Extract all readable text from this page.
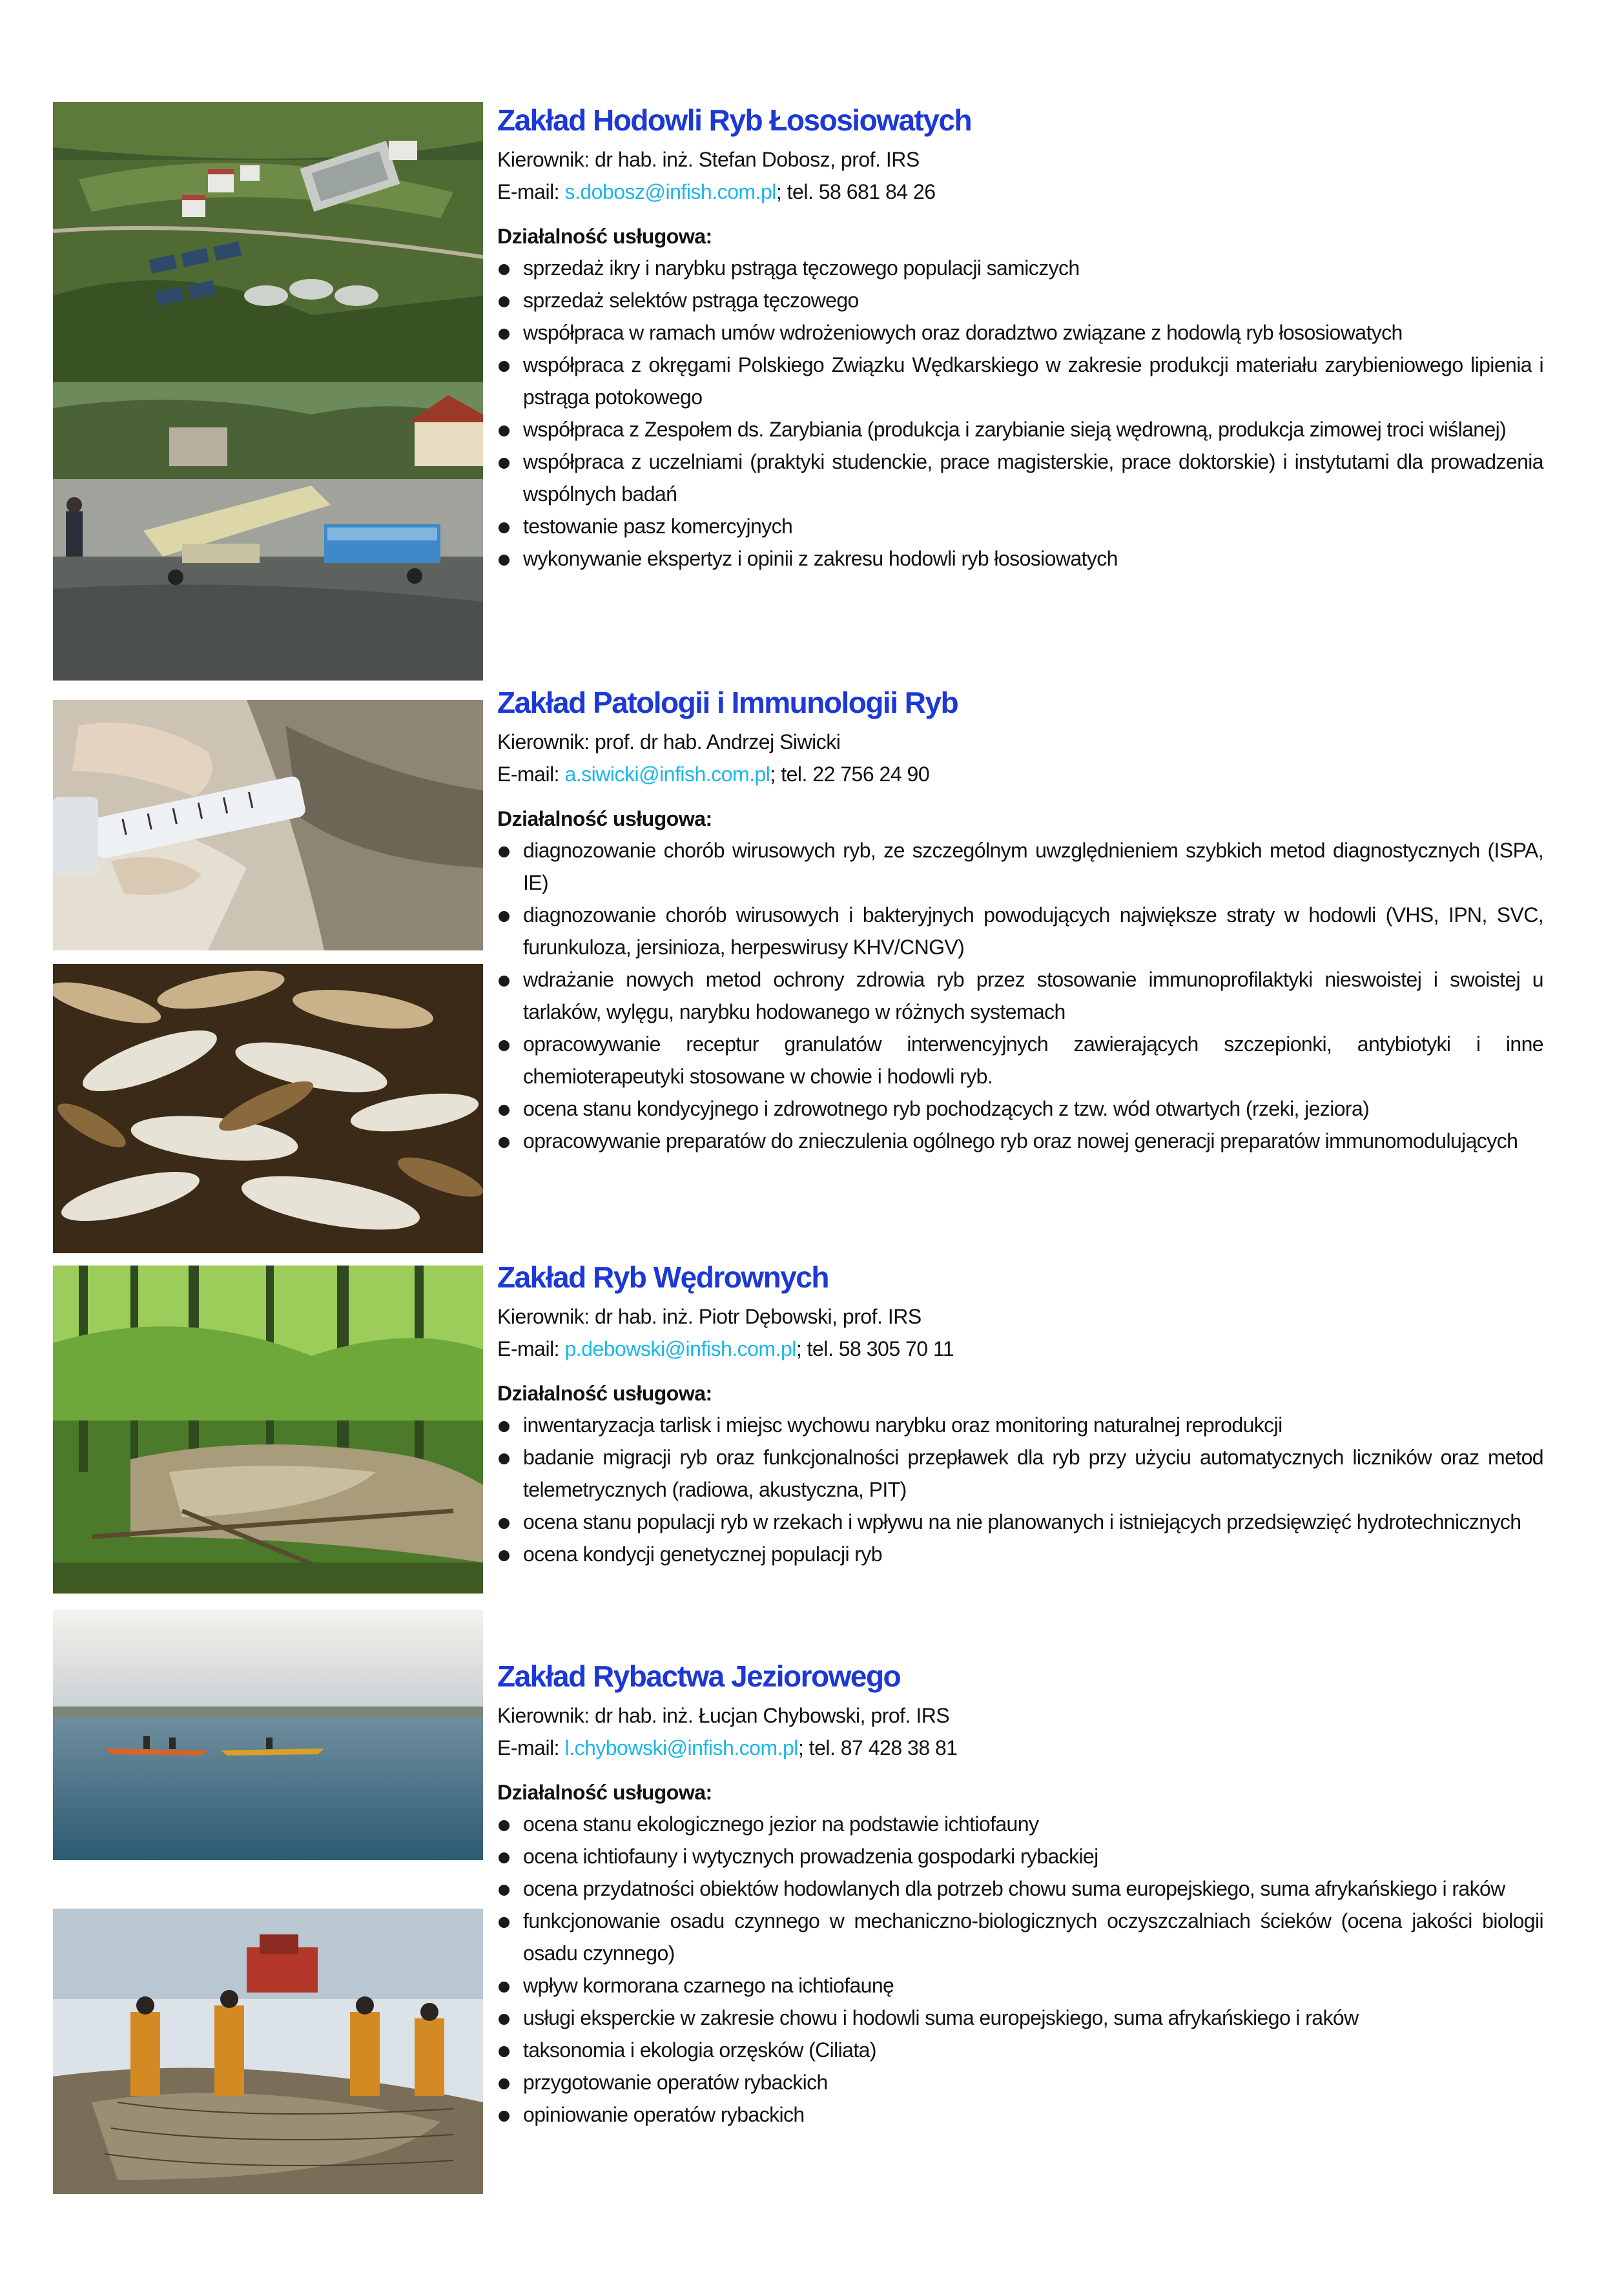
Zakład Hodowli Ryb Łososiowatych

Kierownik: dr hab. inż. Stefan Dobosz, prof. IRS

E-mail: s.dobosz@infish.com.pl; tel. 58 681 84 26

Działalność usługowa:

sprzedaż ikry i narybku pstrąga tęczowego populacji samiczych
sprzedaż selektów pstrąga tęczowego
współpraca w ramach umów wdrożeniowych oraz doradztwo związane z hodowlą ryb łososiowatych
współpraca z okręgami Polskiego Związku Wędkarskiego w zakresie produkcji materiału zarybieniowego lipienia i pstrąga potokowego
współpraca z Zespołem ds. Zarybiania (produkcja i zarybianie sieją wędrowną, produkcja zimowej troci wiślanej)
współpraca z uczelniami (praktyki studenckie, prace magisterskie, prace doktorskie) i instytutami dla prowadzenia wspólnych badań
testowanie pasz komercyjnych
wykonywanie ekspertyz i opinii z zakresu hodowli ryb łososiowatych
Zakład Patologii i Immunologii Ryb

Kierownik: prof. dr hab. Andrzej Siwicki

E-mail: a.siwicki@infish.com.pl; tel. 22 756 24 90

Działalność usługowa:

diagnozowanie chorób wirusowych ryb, ze szczególnym uwzględnieniem szybkich metod diagnostycznych (ISPA, IE)
diagnozowanie chorób wirusowych i bakteryjnych powodujących największe straty w hodowli (VHS, IPN, SVC, furunkuloza, jersinioza, herpeswirusy KHV/CNGV)
wdrażanie nowych metod ochrony zdrowia ryb przez stosowanie immunoprofilaktyki nieswoistej i swoistej u tarlaków, wylęgu, narybku hodowanego w różnych systemach
opracowywanie receptur granulatów interwencyjnych zawierających szczepionki, antybiotyki i inne chemioterapeutyki stosowane w chowie i hodowli ryb.
ocena stanu kondycyjnego i zdrowotnego ryb pochodzących z tzw. wód otwartych (rzeki, jeziora)
opracowywanie preparatów do znieczulenia ogólnego ryb oraz nowej generacji preparatów immunomodulujących
Zakład Ryb Wędrownych

Kierownik: dr hab. inż. Piotr Dębowski, prof. IRS

E-mail: p.debowski@infish.com.pl; tel. 58 305 70 11

Działalność usługowa:

inwentaryzacja tarlisk i miejsc wychowu narybku oraz monitoring naturalnej reprodukcji
badanie migracji ryb oraz funkcjonalności przepławek dla ryb przy użyciu automatycznych liczników oraz metod telemetrycznych (radiowa, akustyczna, PIT)
ocena stanu populacji ryb w rzekach i wpływu na nie planowanych i istniejących przedsięwzięć hydrotechnicznych
ocena kondycji genetycznej populacji ryb
Zakład Rybactwa Jeziorowego

Kierownik: dr hab. inż. Łucjan Chybowski, prof. IRS

E-mail: l.chybowski@infish.com.pl; tel. 87 428 38 81

Działalność usługowa:

ocena stanu ekologicznego jezior na podstawie ichtiofauny
ocena ichtiofauny i wytycznych prowadzenia gospodarki rybackiej
ocena przydatności obiektów hodowlanych dla potrzeb chowu suma europejskiego, suma afrykańskiego i raków
funkcjonowanie osadu czynnego w mechaniczno-biologicznych oczyszczalniach ścieków (ocena jakości biologii osadu czynnego)
wpływ kormorana czarnego na ichtiofaunę
usługi eksperckie w zakresie chowu i hodowli suma europejskiego, suma afrykańskiego i raków
taksonomia i ekologia orzęsków (Ciliata)
przygotowanie operatów rybackich
opiniowanie operatów rybackich
